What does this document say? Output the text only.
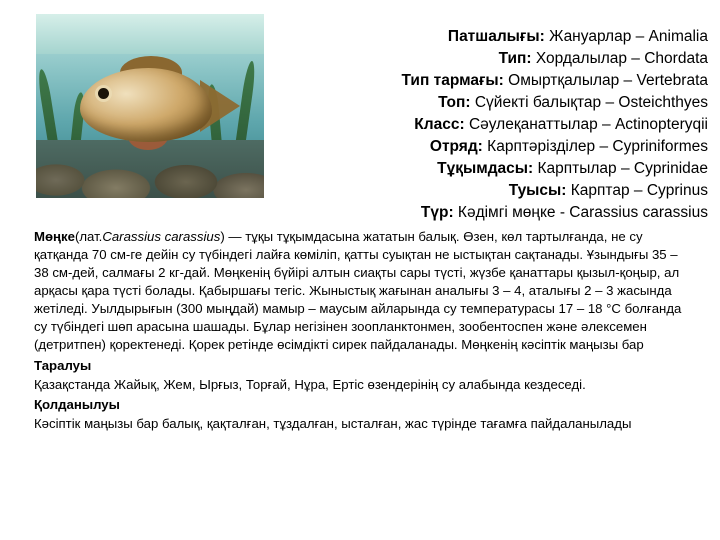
Патшалығы: Жануарлар – Animalia
Тип: Хордалылар – Chordata
Тип тармағы: Омыртқалылар – Vertebrata
Топ: Сүйекті балықтар – Osteichthyes
Класс: Сәулеқанаттылар – Actinopteryqii
Отряд: Карптәрізділер – Cypriniformes
Тұқымдасы: Карптылар – Cyprinidae
Туысы: Карптар – Cyprinus
Түр: Кәдімгі мөңке - Carassius carassius

Мөңке(лат.Carassius carassius) — тұқы тұқымдасына жататын балық. Өзен, көл тартылғанда, не су қатқанда 70 см-ге дейін су түбіндегі лайға көмiліп, қатты суықтан не ыстықтан сақтанады. Ұзындығы 35 – 38 см-дей, салмағы 2 кг-дай. Мөңкенің бүйірі алтын сиақты сары түсті, жүзбе қанаттары қызыл-қоңыр, ал арқасы қара түсті болады. Қабыршағы тегіс. Жыныстық жағынан аналығы 3 – 4, аталығы 2 – 3 жасында жетіледі. Уылдырығын (300 мыңдай) мамыр – маусым айларында су температурасы 17 – 18 °С болғанда су түбіндегі шөп арасына шашады. Бұлар негізінен зоопланктонмен, зообентоспен және әлексемен (детритпен) қоректенеді. Қорек ретінде өсімдікті сирек пайдаланады. Мөңкенің кәсіптік маңызы бар

Таралуы

Қазақстанда Жайық, Жем, Ырғыз, Торғай, Нұра, Ертіс өзендерінің су алабында кездеседі.

Қолданылуы

Кәсіптік маңызы бар балық, қақталған, тұздалған, ысталған, жас түрінде тағамға пайдаланылады
